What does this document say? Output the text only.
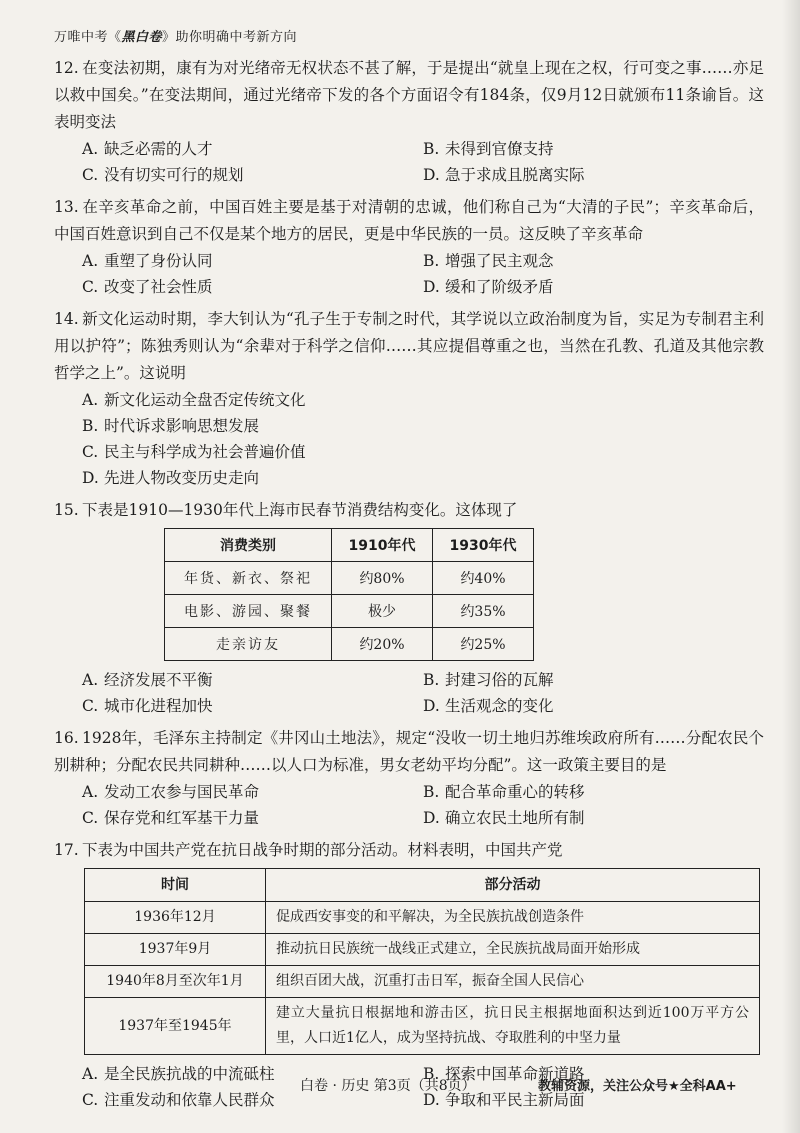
万唯中考《黑白卷》助你明确中考新方向
12. 在变法初期，康有为对光绪帝无权状态不甚了解，于是提出“就皇上现在之权，行可变之事……亦足以救中国矣。”在变法期间，通过光绪帝下发的各个方面诏令有184条，仅9月12日就颁布11条谕旨。这表明变法
A. 缺乏必需的人才	B. 未得到官僚支持
C. 没有切实可行的规划	D. 急于求成且脱离实际
13. 在辛亥革命之前，中国百姓主要是基于对清朝的忠诚，他们称自己为“大清的子民”；辛亥革命后，中国百姓意识到自己不仅是某个地方的居民，更是中华民族的一员。这反映了辛亥革命
A. 重塑了身份认同	B. 增强了民主观念
C. 改变了社会性质	D. 缓和了阶级矛盾
14. 新文化运动时期，李大钊认为“孔子生于专制之时代，其学说以立政治制度为旨，实足为专制君主利用以护符”；陈独秀则认为“余辈对于科学之信仰……其应提倡尊重之也，当然在孔教、孔道及其他宗教哲学之上”。这说明
A. 新文化运动全盘否定传统文化
B. 时代诉求影响思想发展
C. 民主与科学成为社会普遍价值
D. 先进人物改变历史走向
15. 下表是1910—1930年代上海市民春节消费结构变化。这体现了
消费类别	1910年代	1930年代
年货、新衣、祭祀	约80%	约40%
电影、游园、聚餐	极少	约35%
走亲访友	约20%	约25%
A. 经济发展不平衡	B. 封建习俗的瓦解
C. 城市化进程加快	D. 生活观念的变化
16. 1928年，毛泽东主持制定《井冈山土地法》，规定“没收一切土地归苏维埃政府所有……分配农民个别耕种；分配农民共同耕种……以人口为标准，男女老幼平均分配”。这一政策主要目的是
A. 发动工农参与国民革命	B. 配合革命重心的转移
C. 保存党和红军基干力量	D. 确立农民土地所有制
17. 下表为中国共产党在抗日战争时期的部分活动。材料表明，中国共产党
时间	部分活动
1936年12月	促成西安事变的和平解决，为全民族抗战创造条件
1937年9月	推动抗日民族统一战线正式建立，全民族抗战局面开始形成
1940年8月至次年1月	组织百团大战，沉重打击日军，振奋全国人民信心
1937年至1945年	建立大量抗日根据地和游击区，抗日民主根据地面积达到近100万平方公里，人口近1亿人，成为坚持抗战、夺取胜利的中坚力量
A. 是全民族抗战的中流砥柱	B. 探索中国革命新道路
C. 注重发动和依靠人民群众	D. 争取和平民主新局面
白卷 · 历史 第3页（共8页）	教辅资源，关注公众号★全科AA+
